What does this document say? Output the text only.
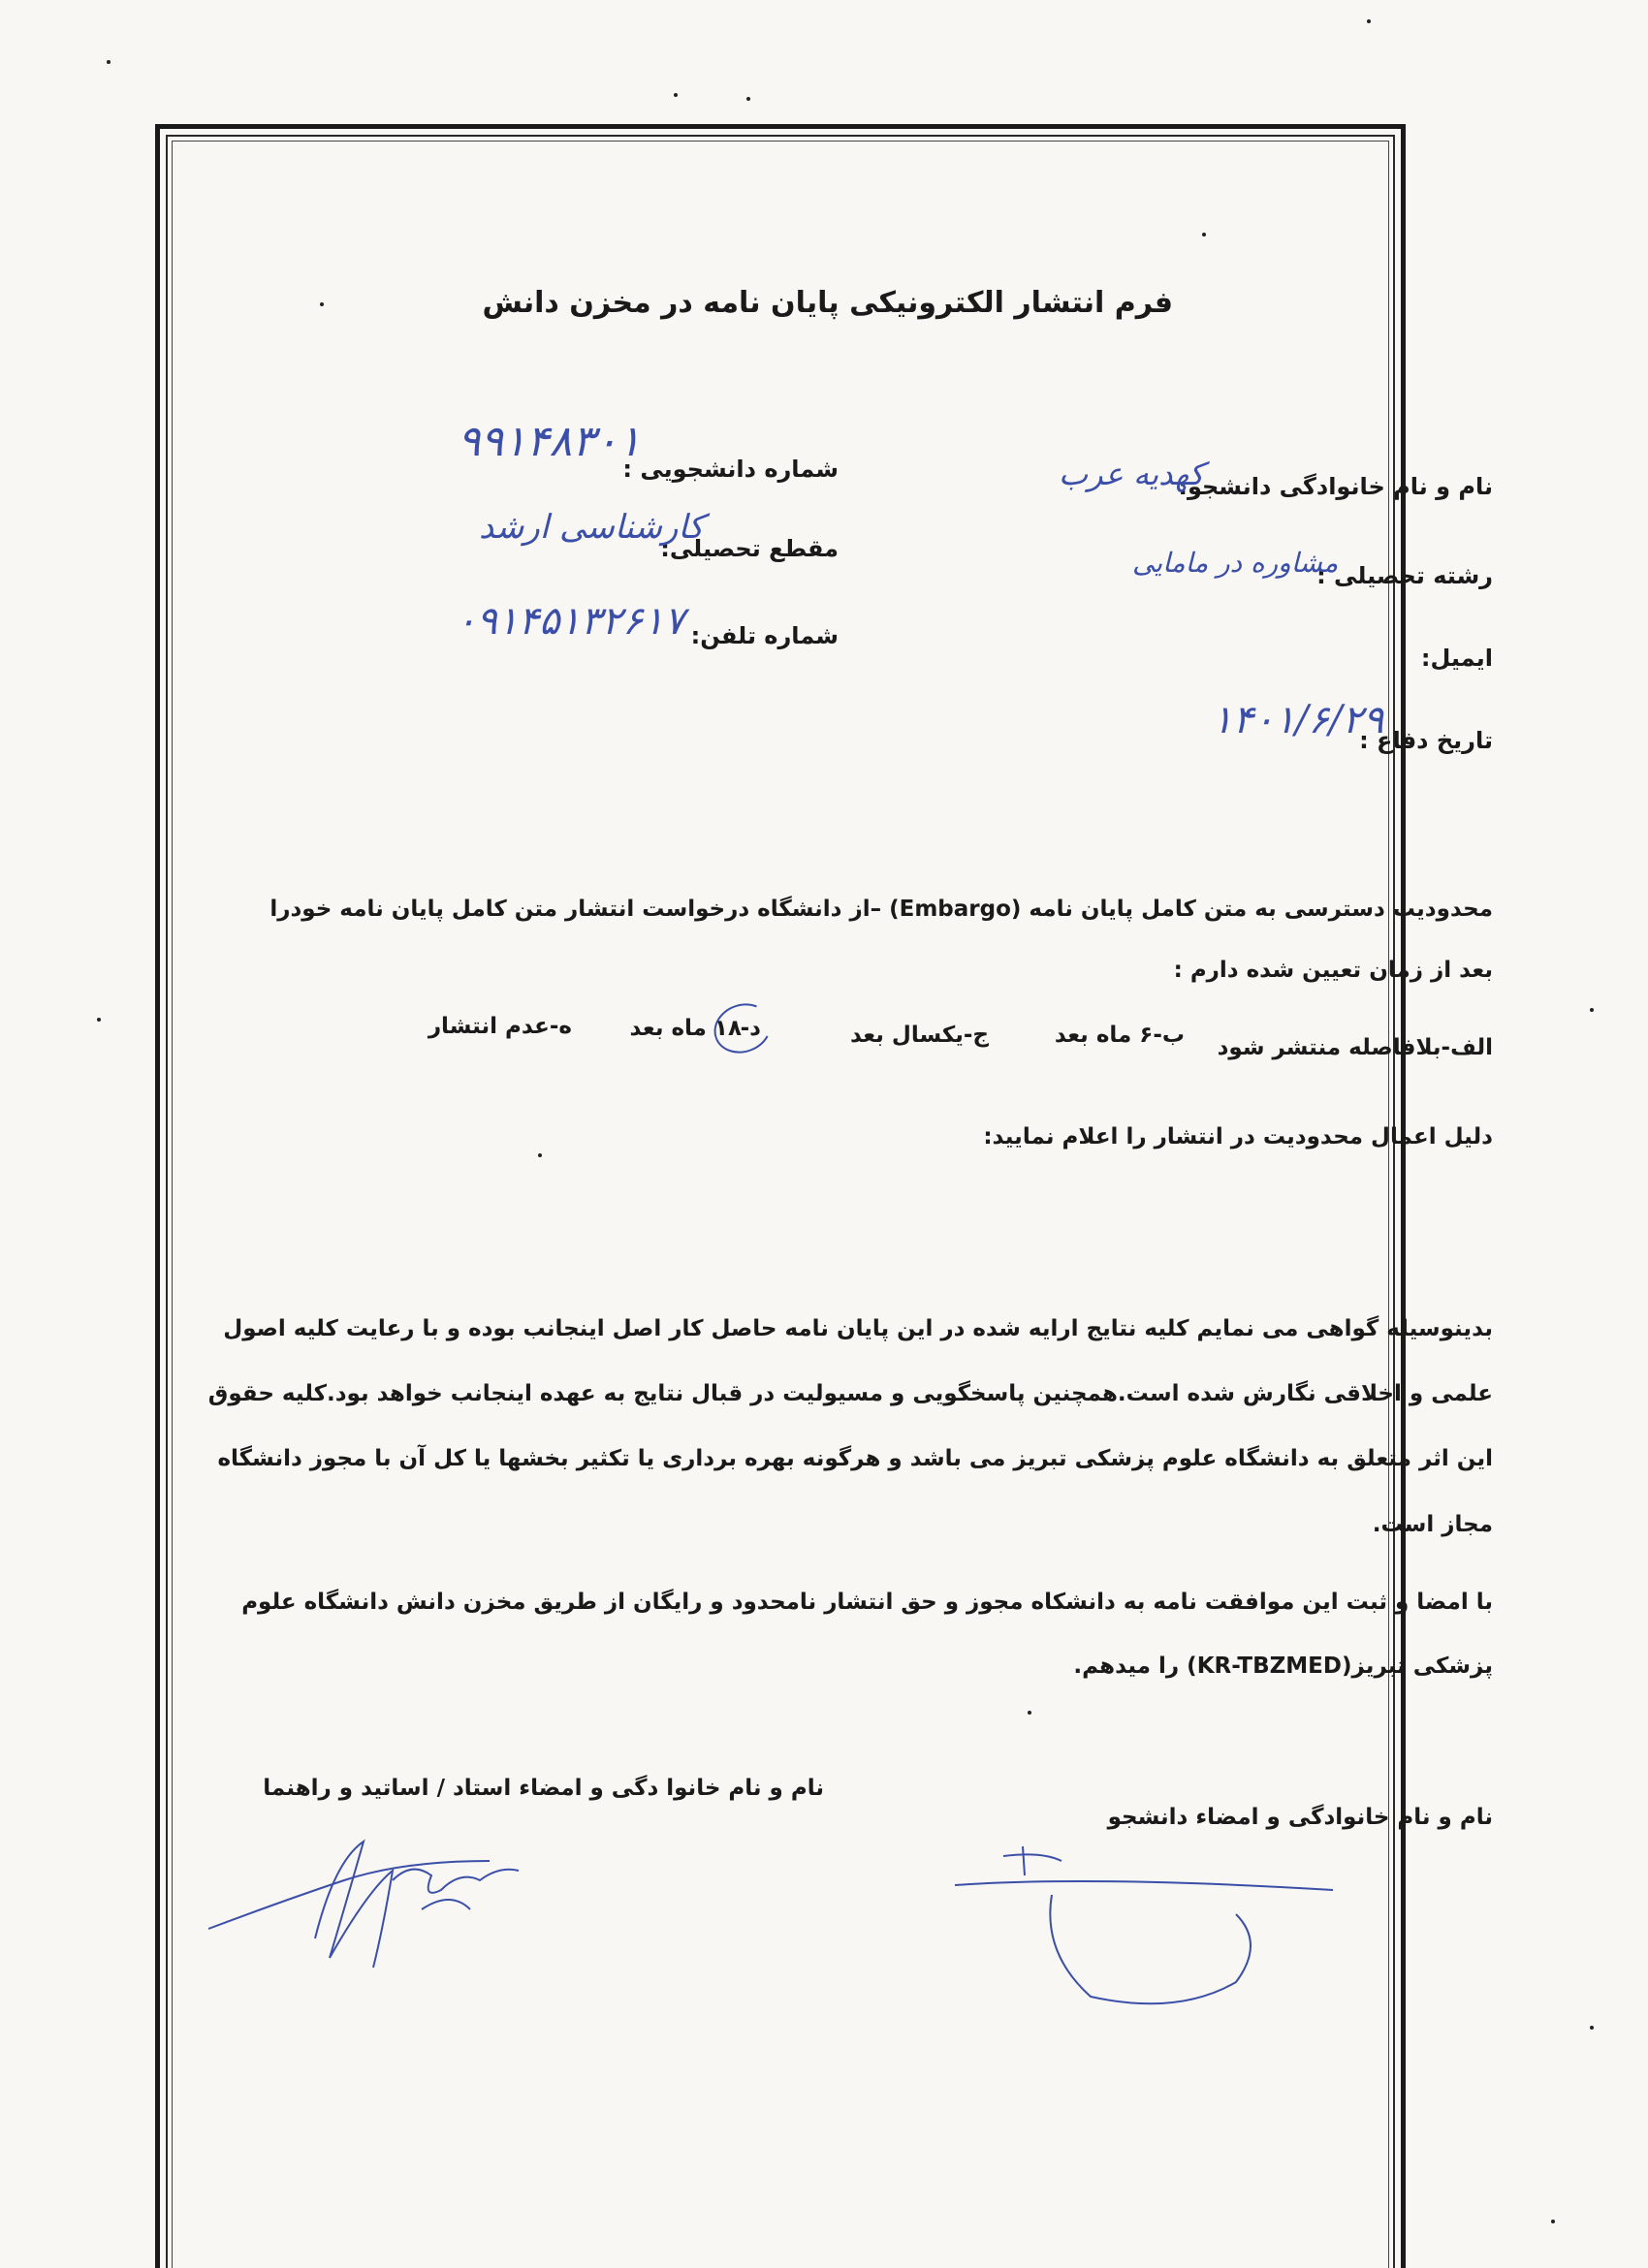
فرم انتشار الکترونیکی پایان نامه در مخزن دانش
نام و نام خانوادگی دانشجو:
کهدیه عرب
رشته تحصیلی :
مشاوره در مامایی
ایمیل:
تاریخ دفاع :
۱۴۰۱/۶/۲۹
شماره دانشجویی :
۹۹۱۴۸۳۰۱
مقطع تحصیلی:
کارشناسی ارشد
شماره تلفن:
۰۹۱۴۵۱۳۲۶۱۷
محدودیت دسترسی به متن کامل پایان نامه (Embargo) –از دانشگاه درخواست انتشار متن کامل پایان نامه خودرا
بعد از زمان تعیین شده دارم :
الف-بلافاصله منتشر شود
ب-۶ ماه بعد
ج-یکسال بعد
د-
۱۸ ماه بعد
ه-عدم انتشار
دلیل اعمال محدودیت در انتشار را اعلام نمایید:
بدینوسیله گواهی می نمایم کلیه نتایج ارایه شده در این پایان نامه حاصل کار اصل اینجانب بوده و با رعایت کلیه اصول
علمی و اخلاقی نگارش شده است.همچنین پاسخگویی و مسیولیت در قبال نتایج به عهده اینجانب خواهد بود.کلیه حقوق
این اثر متعلق به دانشگاه علوم پزشکی تبریز می باشد و هرگونه بهره برداری یا تکثیر بخشها یا کل آن با مجوز دانشگاه
مجاز است.
با امضا و ثبت این موافقت نامه به دانشکاه مجوز و حق انتشار نامحدود و رایگان از طریق مخزن دانش دانشگاه علوم
پزشکی تبریز(KR-TBZMED) را میدهم.
نام و نام خانوا دگی و امضاء استاد / اساتید و راهنما
نام و نام خانوادگی و امضاء دانشجو
